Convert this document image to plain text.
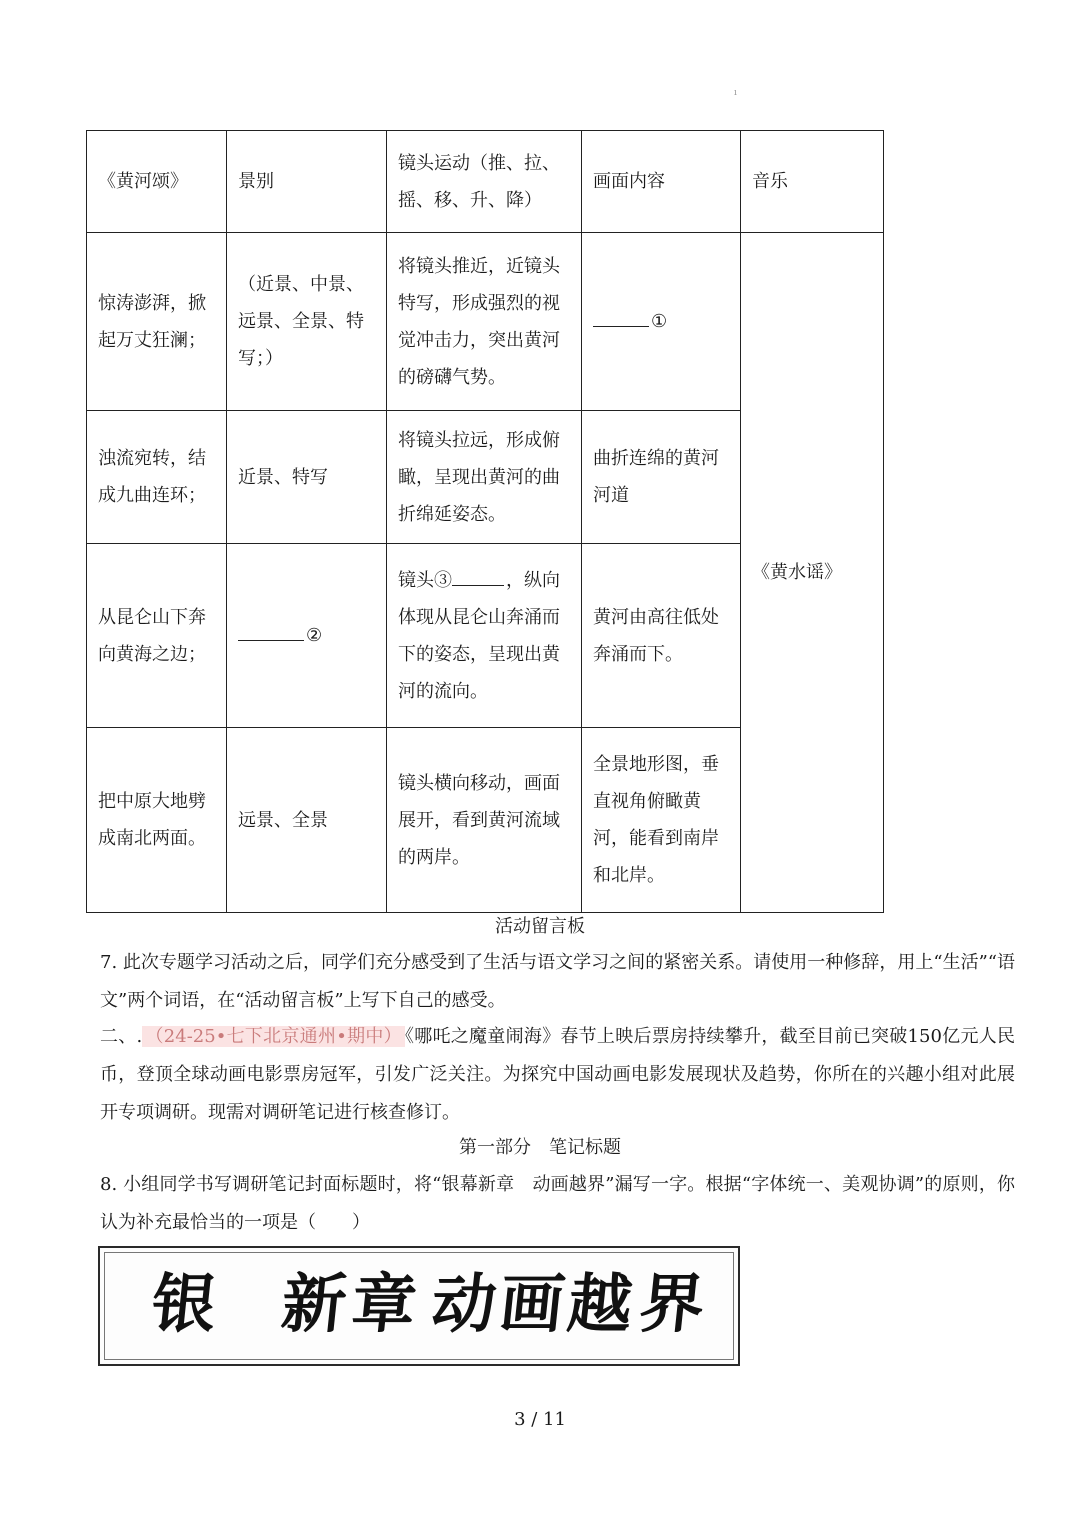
ı
《黄河颂》	景别	镜头运动（推、拉、摇、移、升、降）	画面内容	音乐
惊涛澎湃，掀起万丈狂澜；	（近景、中景、远景、全景、特写；）	将镜头推近，近镜头特写，形成强烈的视觉冲击力，突出黄河的磅礴气势。	①	《黄水谣》
浊流宛转，结成九曲连环；	近景、特写	将镜头拉远，形成俯瞰，呈现出黄河的曲折绵延姿态。	曲折连绵的黄河河道	
从昆仑山下奔向黄海之边；	②	镜头③ ，纵向体现从昆仑山奔涌而下的姿态，呈现出黄河的流向。	黄河由高往低处奔涌而下。	
把中原大地劈成南北两面。	远景、全景	镜头横向移动，画面展开，看到黄河流域的两岸。	全景地形图，垂直视角俯瞰黄河，能看到南岸和北岸。	
活动留言板
7. 此次专题学习活动之后，同学们充分感受到了生活与语文学习之间的紧密关系。请使用一种修辞，用上“生活”“语文”两个词语，在“活动留言板”上写下自己的感受。
二、. （24-25•七下北京通州•期中） 《哪吒之魔童闹海》春节上映后票房持续攀升，截至目前已突破150亿元人民币，登顶全球动画电影票房冠军，引发广泛关注。为探究中国动画电影发展现状及趋势，你所在的兴趣小组对此展开专项调研。现需对调研笔记进行核查修订。
第一部分　笔记标题
8. 小组同学书写调研笔记封面标题时，将“银幕新章　动画越界”漏写一字。根据“字体统一、美观协调”的原则，你认为补充最恰当的一项是（　　）
银 新
章 动
画
越 界
3 / 11
